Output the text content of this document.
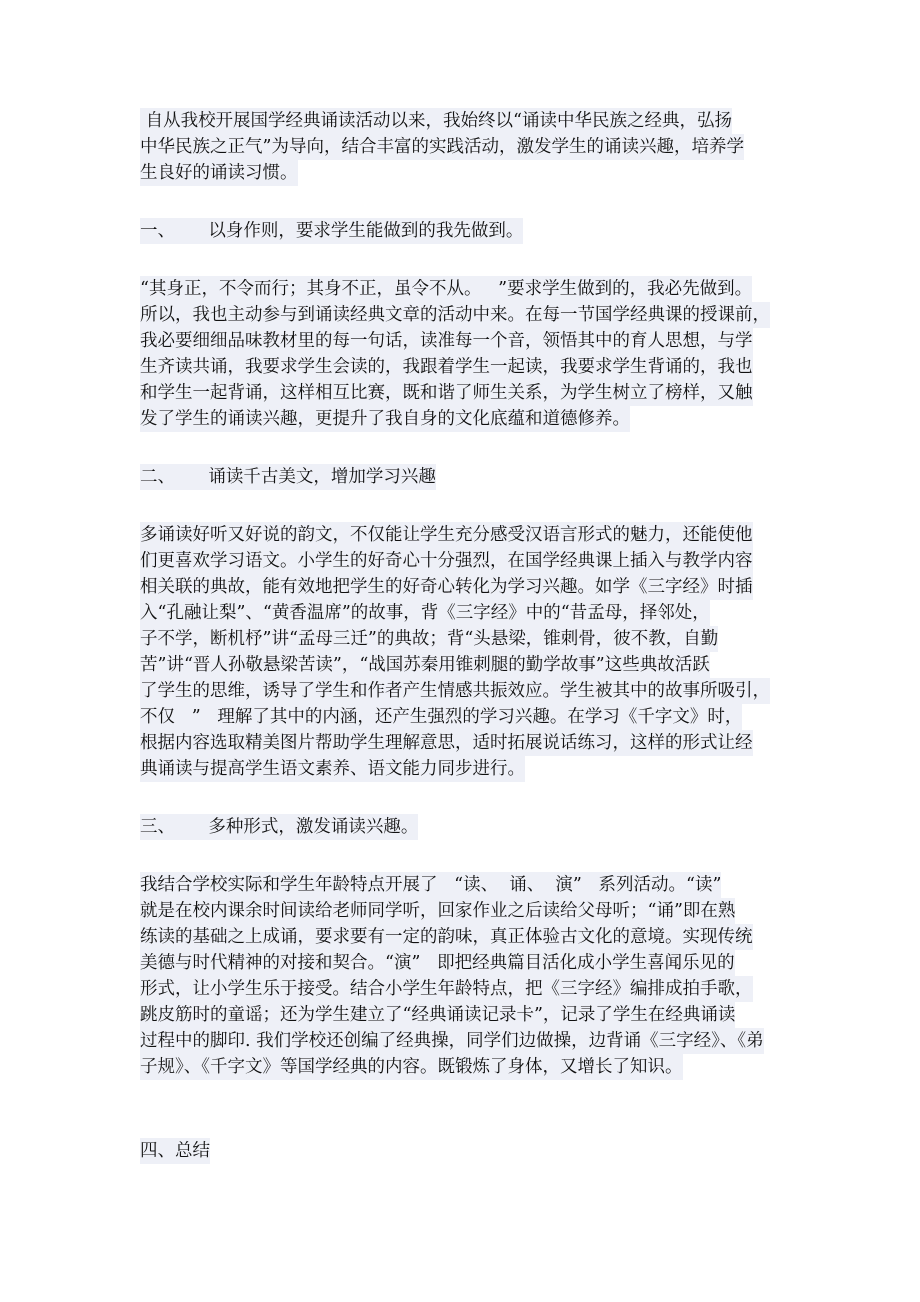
自从我校开展国学经典诵读活动以来，我始终以“诵读中华民族之经典，弘扬
中华民族之正气”为导向，结合丰富的实践活动，激发学生的诵读兴趣，培养学
生良好的诵读习惯。
一、      以身作则，要求学生能做到的我先做到。
“其身正，不令而行；其身不正，虽令不从。   ”要求学生做到的，我必先做到。
所以，我也主动参与到诵读经典文章的活动中来。在每一节国学经典课的授课前，
我必要细细品味教材里的每一句话，读准每一个音，领悟其中的育人思想，与学
生齐读共诵，我要求学生会读的，我跟着学生一起读，我要求学生背诵的，我也
和学生一起背诵，这样相互比赛，既和谐了师生关系，为学生树立了榜样，又触
发了学生的诵读兴趣，更提升了我自身的文化底蕴和道德修养。
二、      诵读千古美文，增加学习兴趣
多诵读好听又好说的韵文，不仅能让学生充分感受汉语言形式的魅力，还能使他
们更喜欢学习语文。小学生的好奇心十分强烈，在国学经典课上插入与教学内容
相关联的典故，能有效地把学生的好奇心转化为学习兴趣。如学《三字经》时插
入“孔融让梨”、“黄香温席”的故事，背《三字经》中的“昔孟母，择邻处，
子不学，断机杼”讲“孟母三迁”的典故；背“头悬梁，锥刺骨，彼不教，自勤
苦”讲“晋人孙敬悬梁苦读”，“战国苏秦用锥刺腿的勤学故事”这些典故活跃
了学生的思维，诱导了学生和作者产生情感共振效应。学生被其中的故事所吸引，
不仅   ”   理解了其中的内涵，还产生强烈的学习兴趣。在学习《千字文》时，
根据内容选取精美图片帮助学生理解意思，适时拓展说话练习，这样的形式让经
典诵读与提高学生语文素养、语文能力同步进行。
三、      多种形式，激发诵读兴趣。
我结合学校实际和学生年龄特点开展了   “读、  诵、  演”   系列活动。“读”
就是在校内课余时间读给老师同学听，回家作业之后读给父母听；“诵”即在熟
练读的基础之上成诵，要求要有一定的韵味，真正体验古文化的意境。实现传统
美德与时代精神的对接和契合。“演”   即把经典篇目活化成小学生喜闻乐见的
形式，让小学生乐于接受。结合小学生年龄特点，把《三字经》编排成拍手歌，
跳皮筋时的童谣；还为学生建立了“经典诵读记录卡”，记录了学生在经典诵读
过程中的脚印. 我们学校还创编了经典操，同学们边做操，边背诵《三字经》、《弟
子规》、《千字文》等国学经典的内容。既锻炼了身体，又增长了知识。
四、总结
